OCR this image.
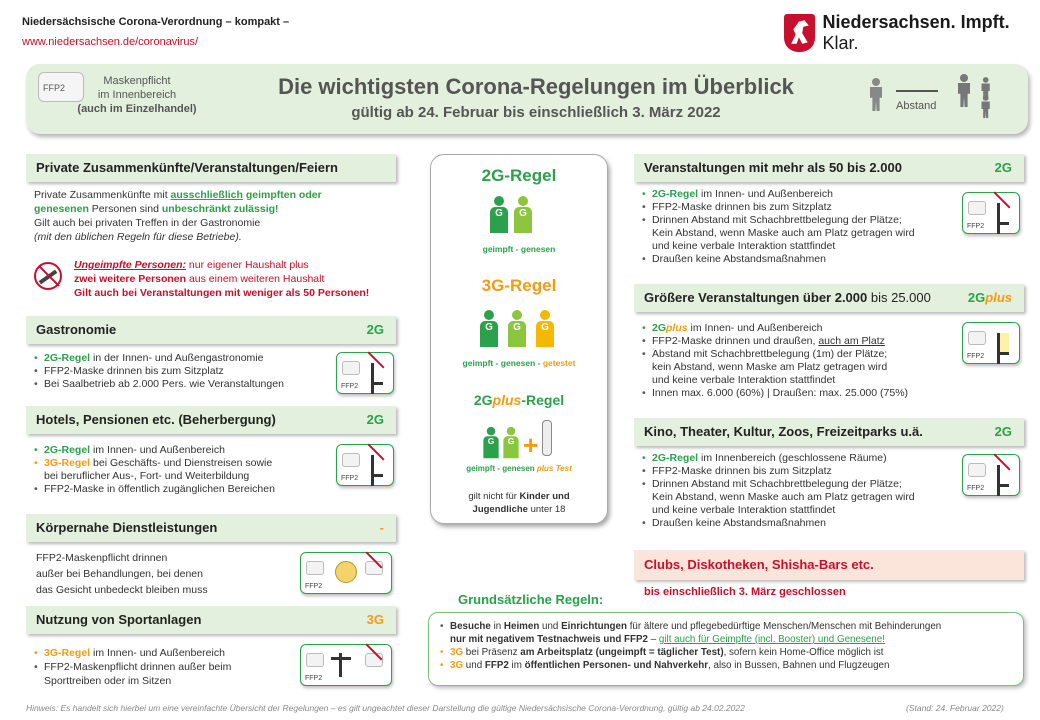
Niedersächsische Corona-Verordnung – kompakt –
www.niedersachsen.de/coronavirus/
Niedersachsen. Impft. Klar.
FFP2
Maskenpflicht
im Innenbereich
(auch im Einzelhandel)
Die wichtigsten Corona-Regelungen im Überblick
gültig ab 24. Februar bis einschließlich 3. März 2022	Abstand
Private Zusammenkünfte/Veranstaltungen/Feiern
Private Zusammenkünfte mit ausschließlich geimpften oder
genesenen Personen sind unbeschränkt zulässig!
Gilt auch bei privaten Treffen in der Gastronomie
(mit den üblichen Regeln für diese Betriebe).
Ungeimpfte Personen: nur eigener Haushalt plus
zwei weitere Personen aus einem weiteren Haushalt
Gilt auch bei Veranstaltungen mit weniger als 50 Personen!
Gastronomie	2G
• 2G-Regel in der Innen- und Außengastronomie
• FFP2-Maske drinnen bis zum Sitzplatz
• Bei Saalbetrieb ab 2.000 Pers. wie Veranstaltungen	FFP2
Hotels, Pensionen etc. (Beherbergung)	2G
• 2G-Regel im Innen- und Außenbereich
• 3G-Regel bei Geschäfts- und Dienstreisen sowie
bei beruflicher Aus-, Fort- und Weiterbildung
• FFP2-Maske in öffentlich zugänglichen Bereichen
FFP2
Körpernahe Dienstleistungen	-
FFP2-Maskenpflicht drinnen
außer bei Behandlungen, bei denen
das Gesicht unbedeckt bleiben muss	FFP2
Nutzung von Sportanlagen	3G
• 3G-Regel im Innen- und Außenbereich
• FFP2-Maskenpflicht drinnen außer beim
Sporttreiben oder im Sitzen	FFP2
2G-Regel
G	G
geimpft - genesen
3G-Regel
G	G	G
geimpft - genesen - getestet
2Gplus-Regel
G	G +
geimpft - genesen plus Test
gilt nicht für Kinder und
Jugendliche unter 18
Veranstaltungen mit mehr als 50 bis 2.000	2G
• 2G-Regel im Innen- und Außenbereich
• FFP2-Maske drinnen bis zum Sitzplatz
• Drinnen Abstand mit Schachbrettbelegung der Plätze;
Kein Abstand, wenn Maske auch am Platz getragen wird
und keine verbale Interaktion stattfindet
• Draußen keine Abstandsmaßnahmen
FFP2
Größere Veranstaltungen über 2.000 bis 25.000	2Gplus
• 2Gplus im Innen- und Außenbereich
• FFP2-Maske drinnen und draußen, auch am Platz
• Abstand mit Schachbrettbelegung (1m) der Plätze;
kein Abstand, wenn Maske am Platz getragen wird
und keine verbale Interaktion stattfindet
• Innen max. 6.000 (60%) | Draußen: max. 25.000 (75%)
FFP2
Kino, Theater, Kultur, Zoos, Freizeitparks u.ä.	2G
• 2G-Regel im Innenbereich (geschlossene Räume)
• FFP2-Maske drinnen bis zum Sitzplatz
• Drinnen Abstand mit Schachbrettbelegung der Plätze;
Kein Abstand, wenn Maske auch am Platz getragen wird
und keine verbale Interaktion stattfindet
• Draußen keine Abstandsmaßnahmen
FFP2
Clubs, Diskotheken, Shisha-Bars etc.
bis einschließlich 3. März geschlossen
Grundsätzliche Regeln:
• Besuche in Heimen und Einrichtungen für ältere und pflegebedürftige Menschen/Menschen mit Behinderungen
nur mit negativem Testnachweis und FFP2 – gilt auch für Geimpfte (incl. Booster) und Genesene!
• 3G bei Präsenz am Arbeitsplatz (ungeimpft = täglicher Test), sofern kein Home-Office möglich ist
• 3G und FFP2 im öffentlichen Personen- und Nahverkehr, also in Bussen, Bahnen und Flugzeugen
Hinweis: Es handelt sich hierbei um eine vereinfachte Übersicht der Regelungen – es gilt ungeachtet dieser Darstellung die gültige Niedersächsische Corona-Verordnung, gültig ab 24.02.2022	(Stand: 24. Februar 2022)
